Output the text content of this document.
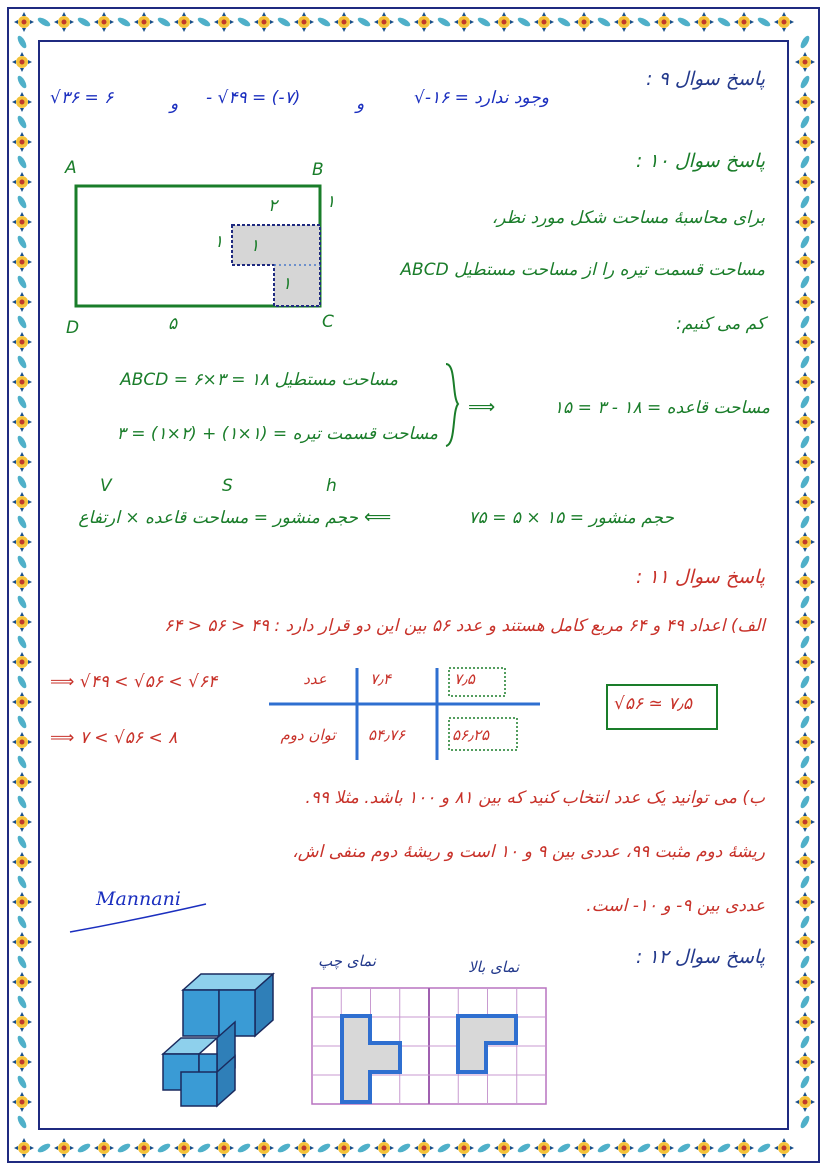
پاسخ سوال ۹ :
√۳۶ = ۶	و - √۴۹ = (-۷)	و	√-۱۶ = وجود ندارد
پاسخ سوال ۱۰ :
A	B
D	C
۵
۱
۲
۱ ۱
۱
برای محاسبهٔ مساحت شکل مورد نظر،
مساحت قسمت تیره را از مساحت مستطیل ABCD
کم می کنیم:
مساحت مستطیل ABCD = ۶×۳ = ۱۸
مساحت قسمت تیره = (۱×۱) + (۲×۱) = ۳
⟹	مساحت قاعده = ۱۸ - ۳ = ۱۵
V	S	h
حجم منشور = مساحت قاعده × ارتفاع ⟸	حجم منشور = ۱۵ × ۵ = ۷۵
پاسخ سوال ۱۱ :
الف) اعداد ۴۹ و ۶۴ مربع کامل هستند و عدد ۵۶ بین این دو قرار دارد : ۴۹ < ۵۶ < ۶۴
⟹ √۴۹ < √۵۶ < √۶۴
⟹ ۷ < √۵۶ < ۸
عدد	۷٫۴	۷٫۵
توان دوم	۵۴٫۷۶	۵۶٫۲۵
√۵۶ ≃ ۷٫۵
ب) می توانید یک عدد انتخاب کنید که بین ۸۱ و ۱۰۰ باشد. مثلا ۹۹.
ریشهٔ دوم مثبت ۹۹، عددی بین ۹ و ۱۰ است و ریشهٔ دوم منفی اش،
عددی بین ۹- و ۱۰- است.
Mannani
پاسخ سوال ۱۲ :
نمای چپ	نمای بالا
